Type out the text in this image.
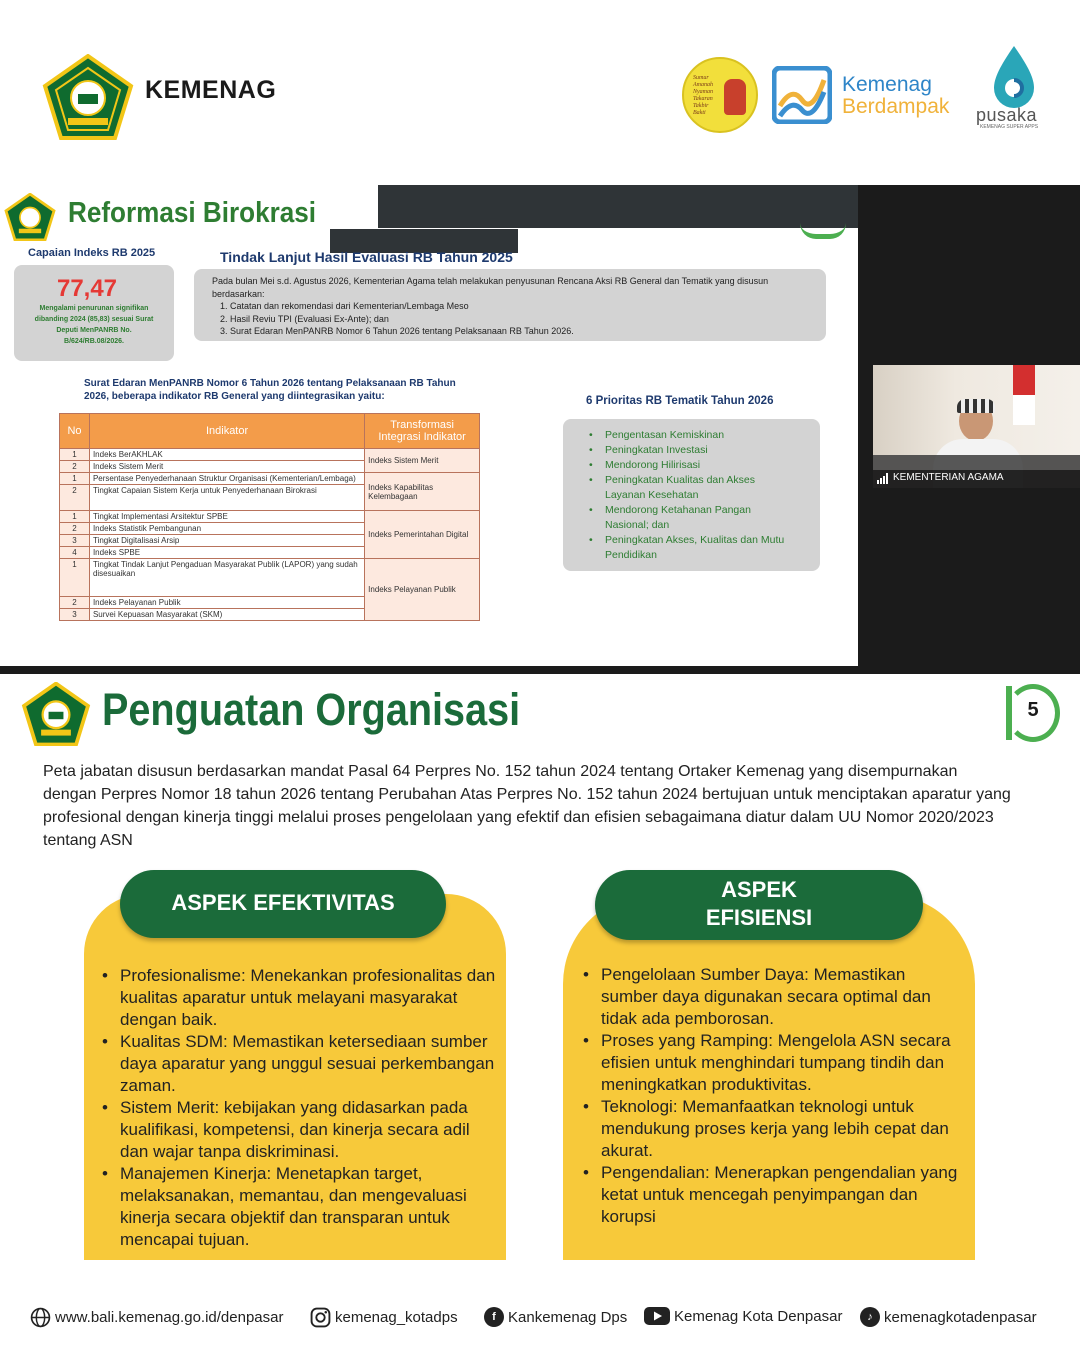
KEMENAG	Sumur
Amanah
Nyaman
Takaran
Takbir
Bakti
Kemenag
Berdampak pusaka
KEMENAG SUPER APPS
Reformasi Birokrasi
Capaian Indeks RB 2025
77,47
Mengalami penurunan signifikan dibanding 2024 (85,83) sesuai Surat Deputi MenPANRB No. B/624/RB.08/2026.
Tindak Lanjut Hasil Evaluasi RB Tahun 2025
Pada bulan Mei s.d. Agustus 2026, Kementerian Agama telah melakukan penyusunan Rencana Aksi RB General dan Tematik yang disusun berdasarkan:
1. Catatan dan rekomendasi dari Kementerian/Lembaga Meso
2. Hasil Reviu TPI (Evaluasi Ex-Ante); dan
3. Surat Edaran MenPANRB Nomor 6 Tahun 2026 tentang Pelaksanaan RB Tahun 2026.
Surat Edaran MenPANRB Nomor 6 Tahun 2026 tentang Pelaksanaan RB Tahun 2026, beberapa indikator RB General yang diintegrasikan yaitu:
No	Indikator	Transformasi Integrasi Indikator
1	Indeks BerAKHLAK	Indeks Sistem Merit
2	Indeks Sistem Merit	
1	Persentase Penyederhanaan Struktur Organisasi (Kementerian/Lembaga)	Indeks Kapabilitas Kelembagaan
2	Tingkat Capaian Sistem Kerja untuk Penyederhanaan Birokrasi	
1	Tingkat Implementasi Arsitektur SPBE	Indeks Pemerintahan Digital
2	Indeks Statistik Pembangunan	
3	Tingkat Digitalisasi Arsip	
4	Indeks SPBE	
1	Tingkat Tindak Lanjut Pengaduan Masyarakat Publik (LAPOR) yang sudah disesuaikan	Indeks Pelayanan Publik
2	Indeks Pelayanan Publik	
3	Survei Kepuasan Masyarakat (SKM)	
6 Prioritas RB Tematik Tahun 2026
• Pengentasan Kemiskinan
• Peningkatan Investasi
• Mendorong Hilirisasi
• Peningkatan Kualitas dan Akses Layanan Kesehatan
• Mendorong Ketahanan Pangan Nasional; dan
• Peningkatan Akses, Kualitas dan Mutu Pendidikan
KEMENTERIAN AGAMA
Penguatan Organisasi	5
Peta jabatan disusun berdasarkan mandat Pasal 64 Perpres No. 152 tahun 2024 tentang Ortaker Kemenag yang disempurnakan dengan Perpres Nomor 18 tahun 2026 tentang Perubahan Atas Perpres No. 152 tahun 2024 bertujuan untuk menciptakan aparatur yang profesional dengan kinerja tinggi melalui proses pengelolaan yang efektif dan efisien sebagaimana diatur dalam UU Nomor 2020/2023 tentang ASN
ASPEK EFEKTIVITAS
• Profesionalisme: Menekankan profesionalitas dan kualitas aparatur untuk melayani masyarakat dengan baik.
• Kualitas SDM: Memastikan ketersediaan sumber daya aparatur yang unggul sesuai perkembangan zaman.
• Sistem Merit: kebijakan yang didasarkan pada kualifikasi, kompetensi, dan kinerja secara adil dan wajar tanpa diskriminasi.
• Manajemen Kinerja: Menetapkan target, melaksanakan, memantau, dan mengevaluasi kinerja secara objektif dan transparan untuk mencapai tujuan.
ASPEK
EFISIENSI
• Pengelolaan Sumber Daya: Memastikan sumber daya digunakan secara optimal dan tidak ada pemborosan.
• Proses yang Ramping: Mengelola ASN secara efisien untuk menghindari tumpang tindih dan meningkatkan produktivitas.
• Teknologi: Memanfaatkan teknologi untuk mendukung proses kerja yang lebih cepat dan akurat.
• Pengendalian: Menerapkan pengendalian yang ketat untuk mencegah penyimpangan dan korupsi
www.bali.kemenag.go.id/denpasar	kemenag_kotadps	f Kankemenag Dps	Kemenag Kota Denpasar	♪ kemenagkotadenpasar
